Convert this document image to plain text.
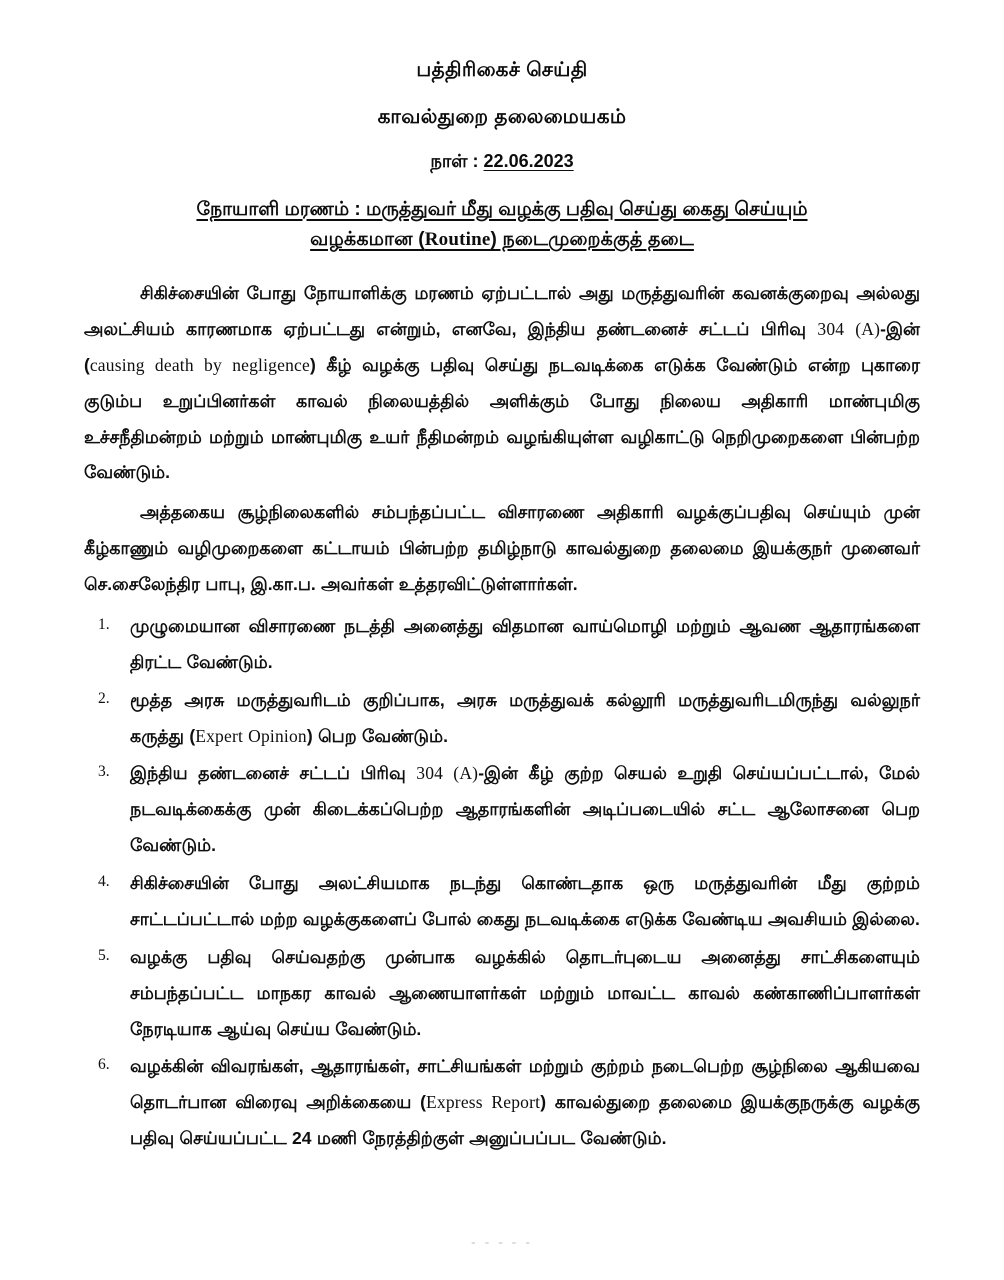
பத்திரிகைச் செய்தி
காவல்துறை தலைமையகம்
நாள் : 22.06.2023
நோயாளி மரணம் : மருத்துவர் மீது வழக்கு பதிவு செய்து கைது செய்யும்
வழக்கமான (Routine) நடைமுறைக்குத் தடை

சிகிச்சையின் போது நோயாளிக்கு மரணம் ஏற்பட்டால் அது மருத்துவரின் கவனக்குறைவு அல்லது அலட்சியம் காரணமாக ஏற்பட்டது என்றும், எனவே, இந்திய தண்டனைச் சட்டப் பிரிவு 304 (A)-இன் (causing death by negligence) கீழ் வழக்கு பதிவு செய்து நடவடிக்கை எடுக்க வேண்டும் என்ற புகாரை குடும்ப உறுப்பினர்கள் காவல் நிலையத்தில் அளிக்கும் போது நிலைய அதிகாரி மாண்புமிகு உச்சநீதிமன்றம் மற்றும் மாண்புமிகு உயர் நீதிமன்றம் வழங்கியுள்ள வழிகாட்டு நெறிமுறைகளை பின்பற்ற வேண்டும்.

அத்தகைய சூழ்நிலைகளில் சம்பந்தப்பட்ட விசாரணை அதிகாரி வழக்குப்பதிவு செய்யும் முன் கீழ்காணும் வழிமுறைகளை கட்டாயம் பின்பற்ற தமிழ்நாடு காவல்துறை தலைமை இயக்குநர் முனைவர் செ.சைலேந்திர பாபு, இ.கா.ப. அவர்கள் உத்தரவிட்டுள்ளார்கள்.

1.	முழுமையான விசாரணை நடத்தி அனைத்து விதமான வாய்மொழி மற்றும் ஆவண ஆதாரங்களை திரட்ட வேண்டும்.
2.	மூத்த அரசு மருத்துவரிடம் குறிப்பாக, அரசு மருத்துவக் கல்லூரி மருத்துவரிடமிருந்து வல்லுநர் கருத்து (Expert Opinion) பெற வேண்டும்.
3.	இந்திய தண்டனைச் சட்டப் பிரிவு 304 (A)-இன் கீழ் குற்ற செயல் உறுதி செய்யப்பட்டால், மேல் நடவடிக்கைக்கு முன் கிடைக்கப்பெற்ற ஆதாரங்களின் அடிப்படையில் சட்ட ஆலோசனை பெற வேண்டும்.
4.	சிகிச்சையின் போது அலட்சியமாக நடந்து கொண்டதாக ஒரு மருத்துவரின் மீது குற்றம் சாட்டப்பட்டால் மற்ற வழக்குகளைப் போல் கைது நடவடிக்கை எடுக்க வேண்டிய அவசியம் இல்லை.
5.	வழக்கு பதிவு செய்வதற்கு முன்பாக வழக்கில் தொடர்புடைய அனைத்து சாட்சிகளையும் சம்பந்தப்பட்ட மாநகர காவல் ஆணையாளர்கள் மற்றும் மாவட்ட காவல் கண்காணிப்பாளர்கள் நேரடியாக ஆய்வு செய்ய வேண்டும்.
6.	வழக்கின் விவரங்கள், ஆதாரங்கள், சாட்சியங்கள் மற்றும் குற்றம் நடைபெற்ற சூழ்நிலை ஆகியவை தொடர்பான விரைவு அறிக்கையை (Express Report) காவல்துறை தலைமை இயக்குநருக்கு வழக்கு பதிவு செய்யப்பட்ட 24 மணி நேரத்திற்குள் அனுப்பப்பட வேண்டும்.
- - - - -
